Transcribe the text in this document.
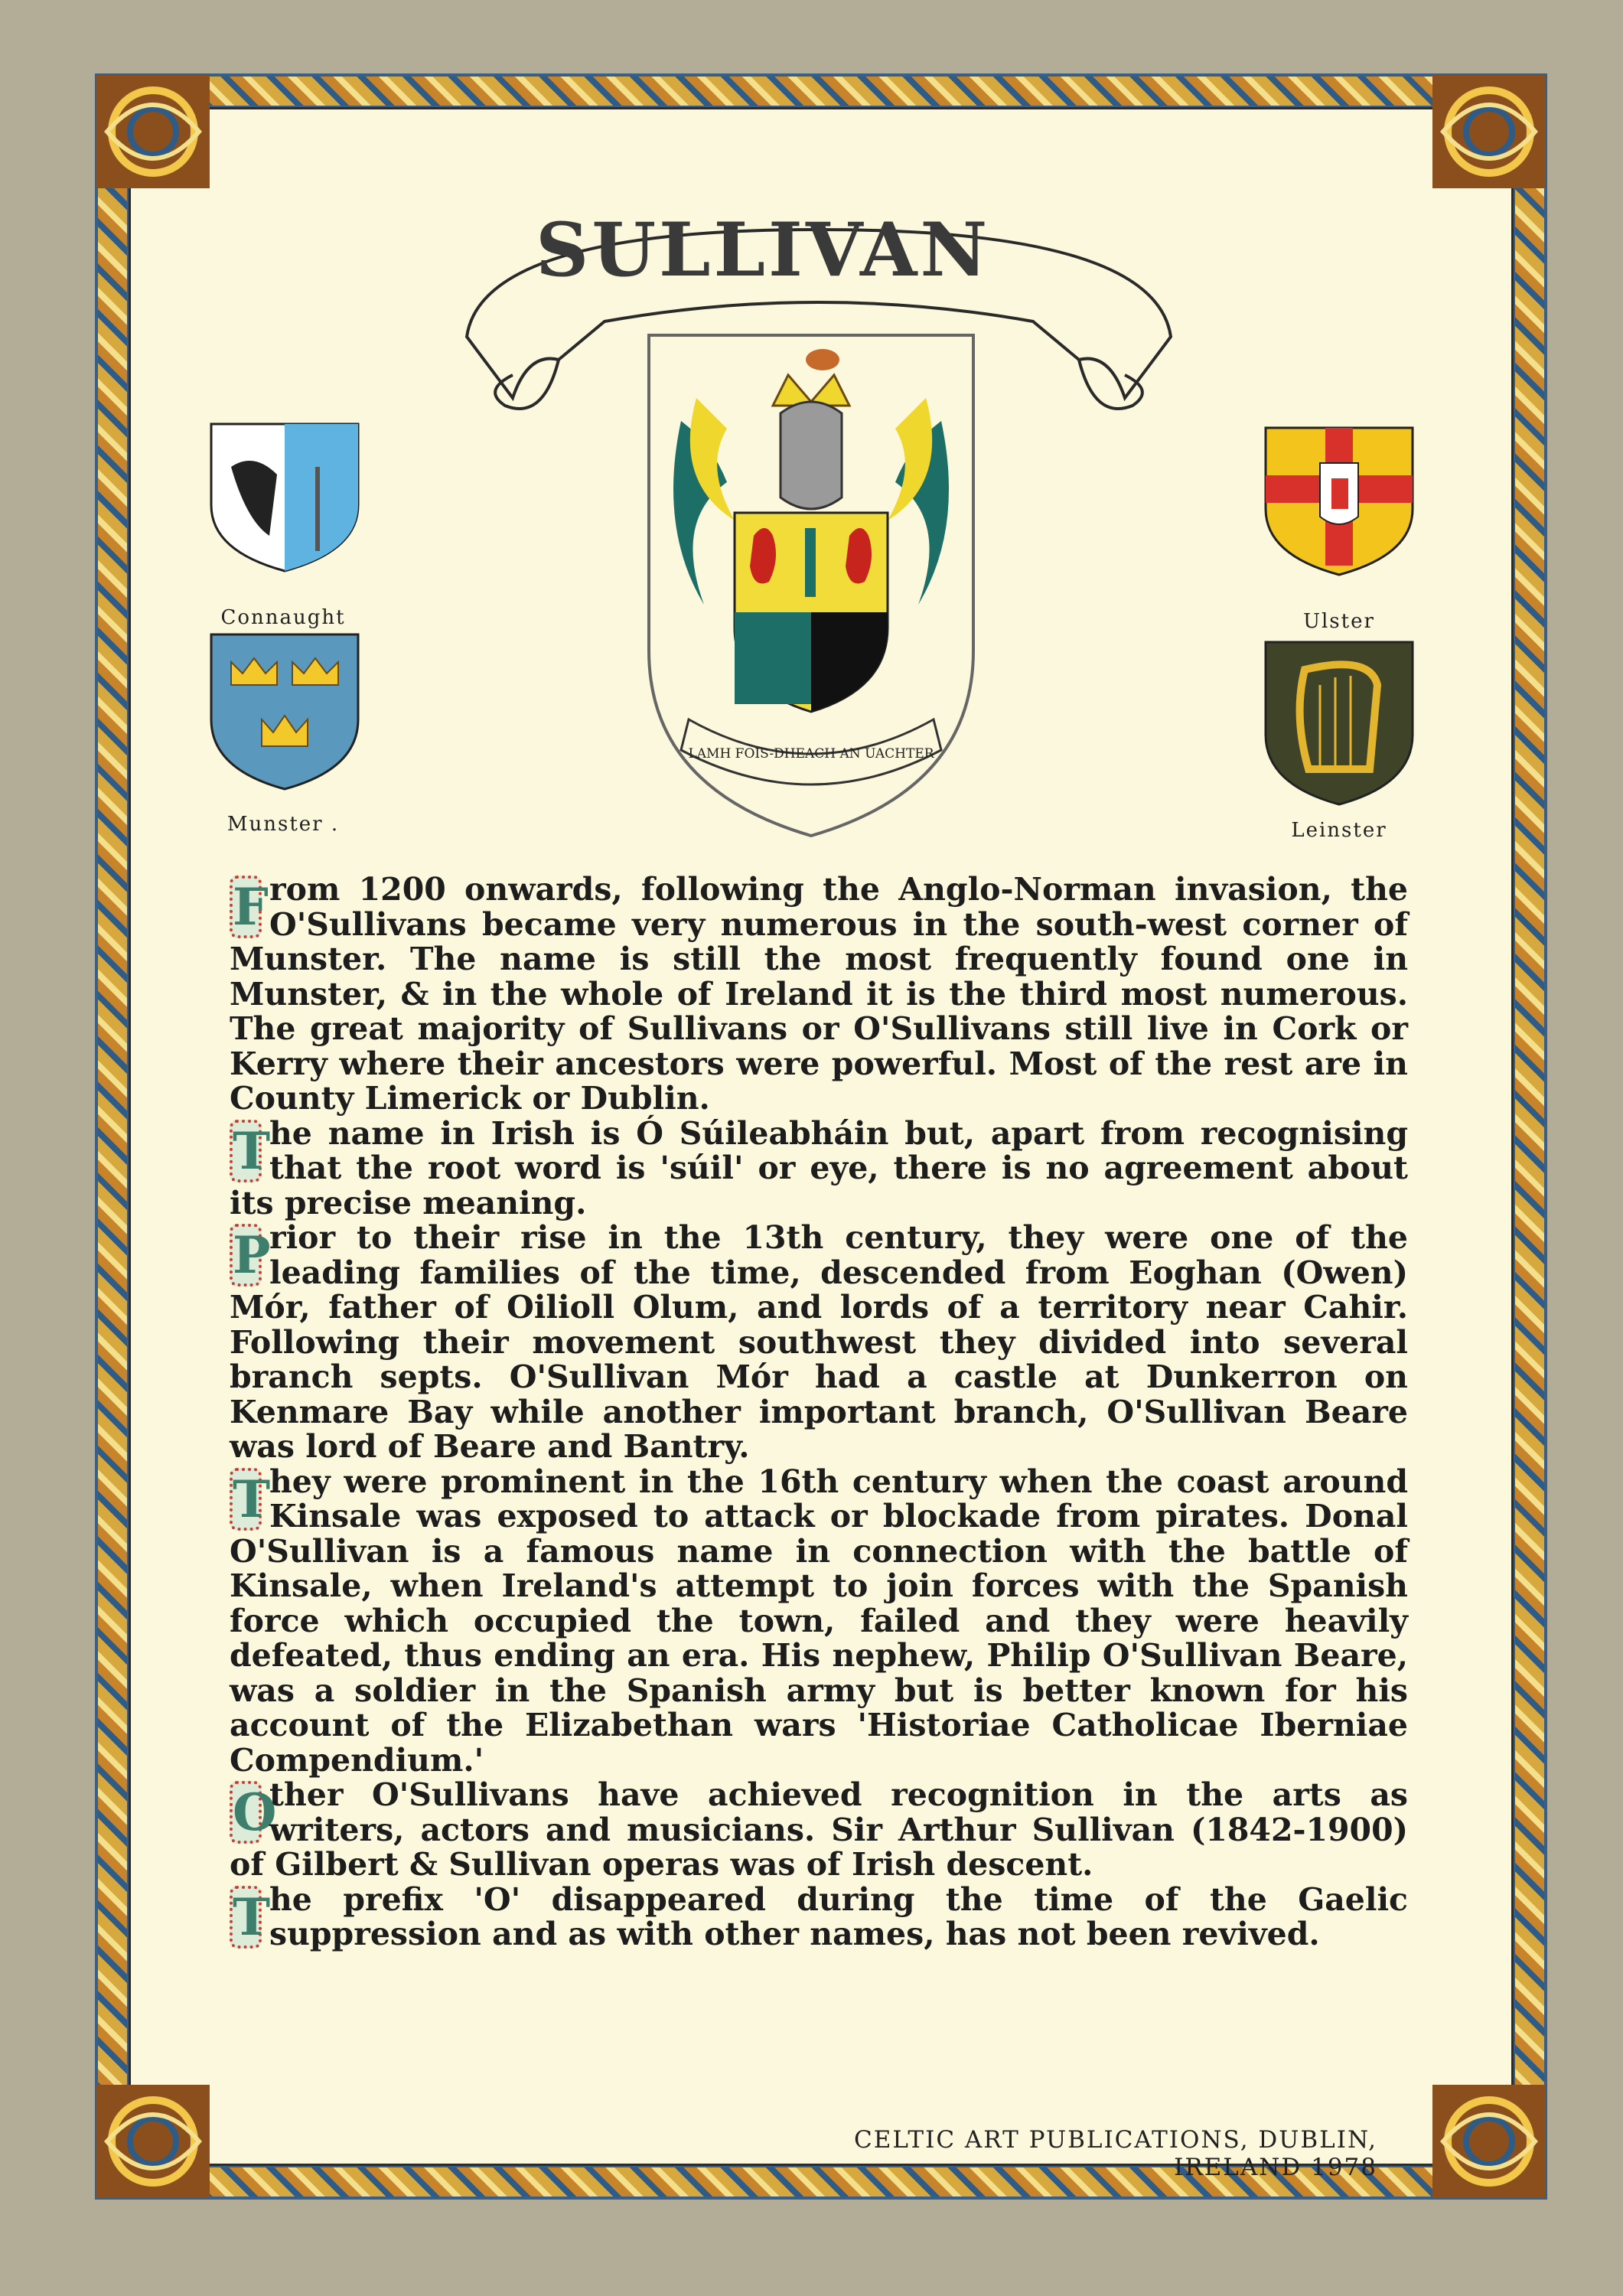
SULLIVAN
LAMH FOIS-DHEACH AN UACHTER
Connaught
Munster .
Ulster
Leinster

F rom 1200 onwards, following the Anglo-Norman invasion, the O'Sullivans became very numerous in the south-west corner of Munster. The name is still the most frequently found one in Munster, & in the whole of Ireland it is the third most numerous. The great majority of Sullivans or O'Sullivans still live in Cork or Kerry where their ancestors were powerful. Most of the rest are in County Limerick or Dublin.

T
he name in Irish is Ó Súileabháin but, apart from recognising that the root word is 'súil' or eye, there is no agreement about its precise meaning.

P
rior to their rise in the 13th century, they were one of the leading families of the time, descended from Eoghan (Owen) Mór, father of Oilioll Olum, and lords of a territory near Cahir. Following their movement southwest they divided into several branch septs. O'Sullivan Mór had a castle at Dunkerron on Kenmare Bay while another important branch, O'Sullivan Beare was lord of Beare and Bantry.

T
hey were prominent in the 16th century when the coast around Kinsale was exposed to attack or blockade from pirates. Donal O'Sullivan is a famous name in connection with the battle of Kinsale, when Ireland's attempt to join forces with the Spanish force which occupied the town, failed and they were heavily defeated, thus ending an era. His nephew, Philip O'Sullivan Beare, was a soldier in the Spanish army but is better known for his account of the Elizabethan wars 'Historiae Catholicae Iberniae Compendium.'

O
ther O'Sullivans have achieved recognition in the arts as writers, actors and musicians. Sir Arthur Sullivan (1842-1900) of Gilbert & Sullivan operas was of Irish descent.

T
he prefix 'O' disappeared during the time of the Gaelic suppression and as with other names, has not been revived.

CELTIC ART PUBLICATIONS, DUBLIN, IRELAND 1978
